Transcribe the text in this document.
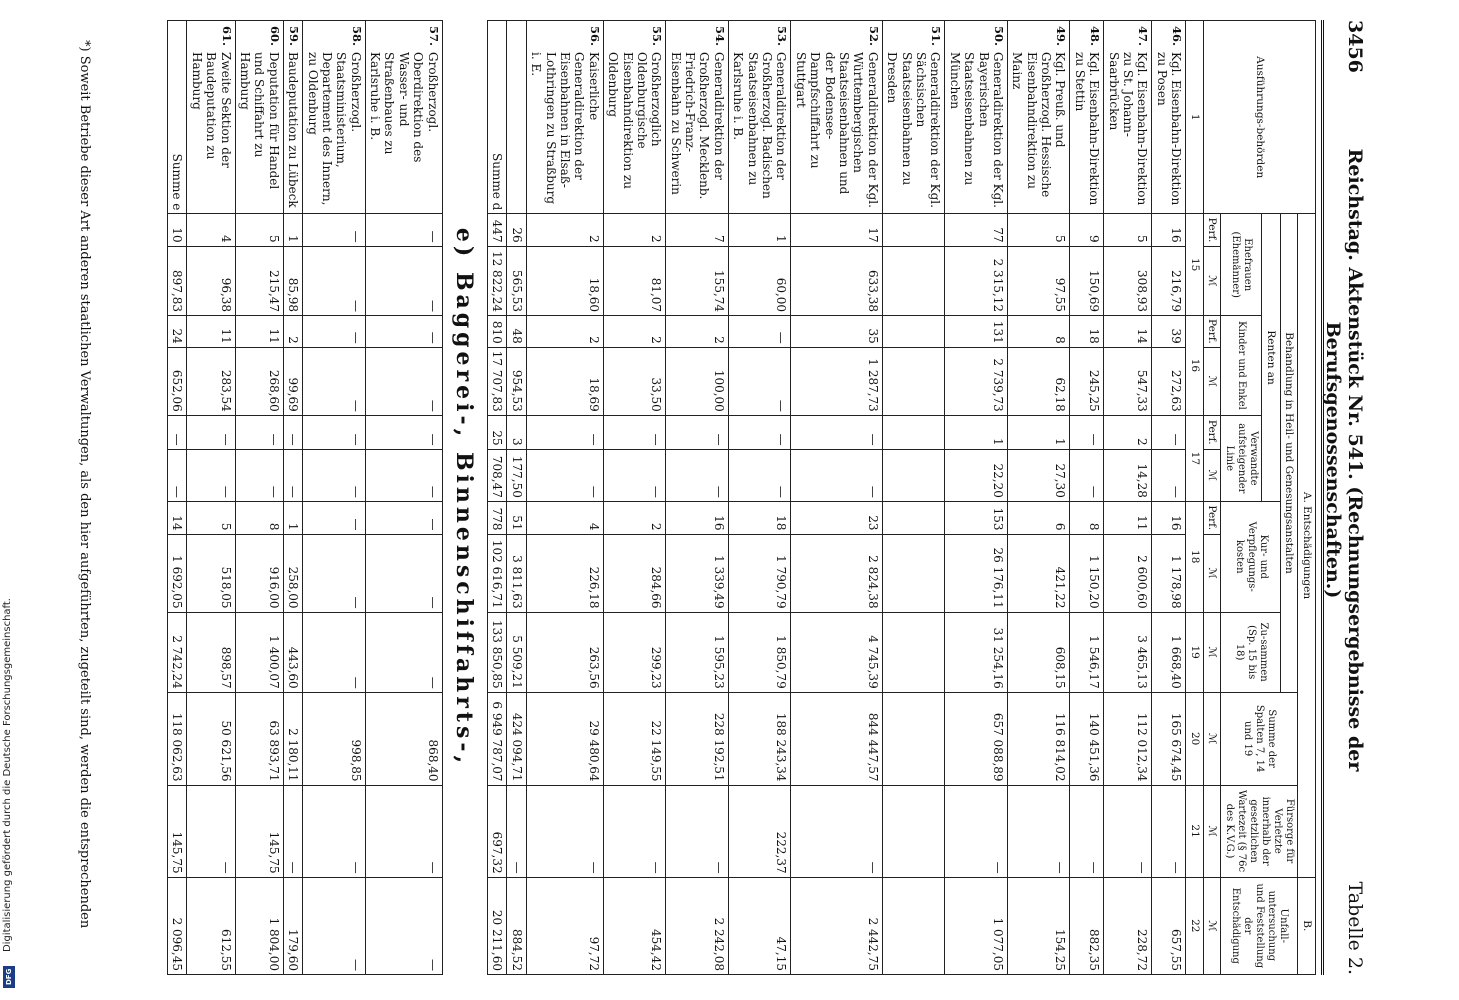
Digitalisierung gefördert durch die Deutsche Forschungsgemeinschaft.
DFG
3456
Reichstag. Aktenstück Nr. 541. (Rechnungsergebnisse der Berufsgenossenschaften.)
Tabelle 2.
Ausführungs-behörden		A. Entschädigungen											B.
		Behandlung in Heil- und Genesungsanstalten									Summe der Spalten 7, 14 und 19	Fürsorge für Verletzte innerhalb der gesetzlichen Wartezeit (§ 76c des K.V.G.)	Unfall-untersuchung und Feststellung der Entschädigung
		Renten an						Kur- und Verpflegungs-kosten		Zu-sammen (Sp. 15 bis 18)			
		Ehefrauen (Ehemänner)		Kinder und Enkel		Verwandte aufsteigender Linie							
		Perf.	ℳ	Perf.	ℳ	Perf.	ℳ	Perf.	ℳ	ℳ	ℳ	ℳ	ℳ
1		15		16		17		18		19	20	21	22
46.	Kgl. Eisenbahn-Direktion zu Posen	16	216,79	39	272,63	—	—	16	1 178,98	1 668,40	165 674,45	—	657,55
47.	Kgl. Eisenbahn-Direktion zu St. Johann-Saarbrücken	5	308,93	14	547,33	2	14,28	11	2 600,60	3 465,13	112 012,34	—	228,72
48.	Kgl. Eisenbahn-Direktion zu Stettin	9	150,69	18	245,25	—	—	8	1 150,20	1 546,17	140 451,36	—	882,35
49.	Kgl. Preuß. und Großherzogl. Hessische Eisenbahndirektion zu Mainz	5	97,55	8	62,18	1	27,30	6	421,22	608,15	116 814,02	—	154,25
50.	Generaldirektion der Kgl. Bayerischen Staatseisenbahnen zu München	77	2 315,12	131	2 739,73	1	22,20	153	26 176,11	31 254,16	657 088,89	—	1 077,05
51.	Generaldirektion der Kgl. Sächsischen Staatseisenbahnen zu Dresden												
52.	Generaldirektion der Kgl. Württembergischen Staatseisenbahnen und der Bodensee-Dampfschiffahrt zu Stuttgart	17	633,38	35	1 287,73	—	—	23	2 824,38	4 745,39	844 447,57	—	2 442,75
53.	Generaldirektion der Großherzogl. Badischen Staatseisenbahnen zu Karlsruhe i. B.	1	60,00	—	—	—	—	18	1 790,79	1 850,79	188 243,34	222,37	47,15
54.	Generaldirektion der Großherzogl. Mecklenb. Friedrich-Franz-Eisenbahn zu Schwerin	7	155,74	2	100,00	—	—	16	1 339,49	1 595,23	228 192,51	—	2 242,08
55.	Großherzoglich Oldenburgische Eisenbahndirektion zu Oldenburg	2	81,07	2	33,50	—	—	2	284,66	299,23	22 149,55	—	454,42
56.	Kaiserliche Generaldirektion der Eisenbahnen in Elsaß-Lothringen zu Straßburg i. E.	2	18,60	2	18,69	—	—	4	226,18	263,56	29 480,64	—	97,72
		26	565,53	48	954,53	3	177,50	51	3 811,63	5 509,21	424 094,71	—	884,52
	Summe d	447	12 822,24	810	17 707,83	25	708,47	778	102 616,71	133 850,85	6 949 787,07	697,32	20 211,60
e) Baggerei-, Binnenschiffahrts-,													
57.	Großherzogl. Oberdirektion des Wasser- und Straßenbaues zu Karlsruhe i. B.	—	—	—	—	—	—	—	—	—	868,40	—	—
58.	Großherzogl. Staatsministerium, Departement des Innern, zu Oldenburg	—	—	—	—	—	—	—	—	—	998,85	—	—
59.	Baudeputation zu Lübeck	1	85,98	2	99,69	—	—	1	258,00	443,60	2 180,11	—	179,60
60.	Deputation für Handel und Schiffahrt zu Hamburg	5	215,47	11	268,60	—	—	8	916,00	1 400,07	63 893,71	145,75	1 804,00
61.	Zweite Sektion der Baudeputation zu Hamburg	4	96,38	11	283,54	—	—	5	518,05	898,57	50 621,56	—	612,55
	Summe e	10	897,83	24	652,06	—	—	14	1 692,05	2 742,24	118 062,63	145,75	2 096,45
*) Soweit Betriebe dieser Art anderen staatlichen Verwaltungen, als den hier aufgeführten, zugeteilt sind, werden die entsprechenden
